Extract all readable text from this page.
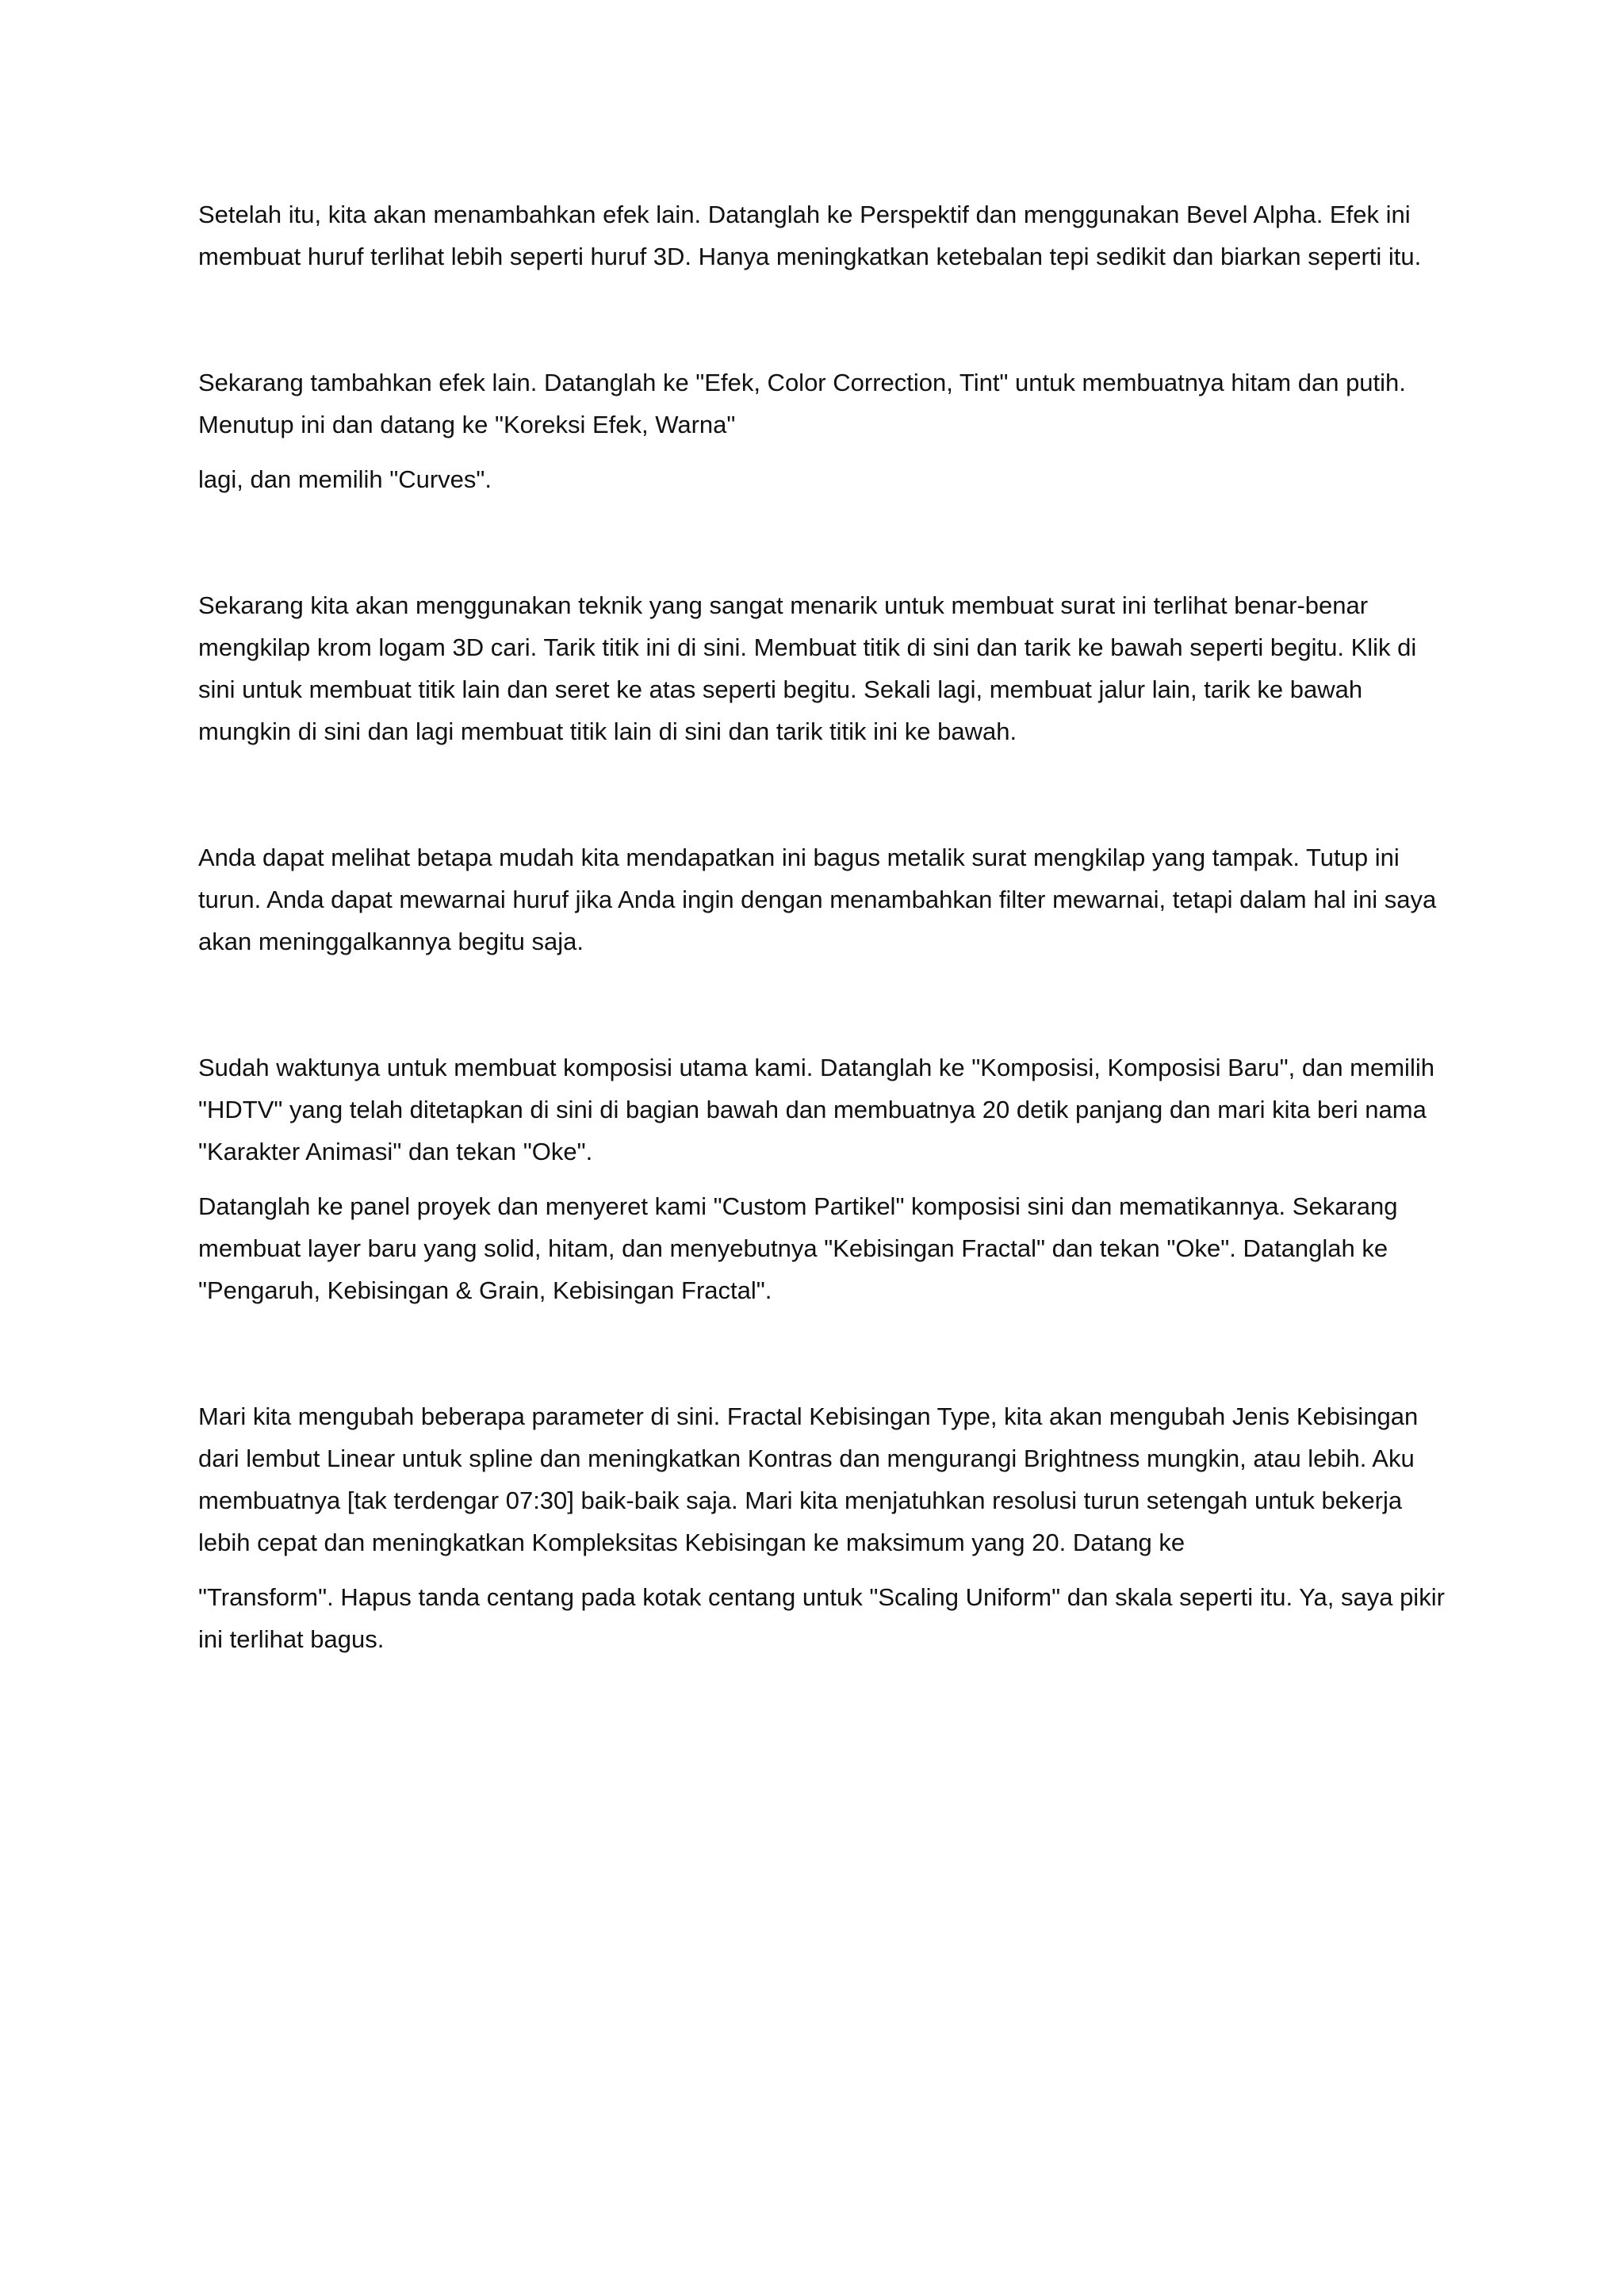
Setelah itu, kita akan menambahkan efek lain. Datanglah ke Perspektif dan menggunakan Bevel Alpha. Efek ini membuat huruf terlihat lebih seperti huruf 3D. Hanya meningkatkan ketebalan tepi sedikit dan biarkan seperti itu.

Sekarang tambahkan efek lain. Datanglah ke "Efek, Color Correction, Tint" untuk membuatnya hitam dan putih. Menutup ini dan datang ke "Koreksi Efek, Warna"

lagi, dan memilih "Curves".

Sekarang kita akan menggunakan teknik yang sangat menarik untuk membuat surat ini terlihat benar-benar mengkilap krom logam 3D cari. Tarik titik ini di sini. Membuat titik di sini dan tarik ke bawah seperti begitu. Klik di sini untuk membuat titik lain dan seret ke atas seperti begitu. Sekali lagi, membuat jalur lain, tarik ke bawah mungkin di sini dan lagi membuat titik lain di sini dan tarik titik ini ke bawah.

Anda dapat melihat betapa mudah kita mendapatkan ini bagus metalik surat mengkilap yang tampak. Tutup ini turun. Anda dapat mewarnai huruf jika Anda ingin dengan menambahkan filter mewarnai, tetapi dalam hal ini saya akan meninggalkannya begitu saja.

Sudah waktunya untuk membuat komposisi utama kami. Datanglah ke "Komposisi, Komposisi Baru", dan memilih "HDTV" yang telah ditetapkan di sini di bagian bawah dan membuatnya 20 detik panjang dan mari kita beri nama "Karakter Animasi" dan tekan "Oke".

Datanglah ke panel proyek dan menyeret kami "Custom Partikel" komposisi sini dan mematikannya. Sekarang membuat layer baru yang solid, hitam, dan menyebutnya "Kebisingan Fractal" dan tekan "Oke". Datanglah ke "Pengaruh, Kebisingan & Grain, Kebisingan Fractal".

Mari kita mengubah beberapa parameter di sini. Fractal Kebisingan Type, kita akan mengubah Jenis Kebisingan dari lembut Linear untuk spline dan meningkatkan Kontras dan mengurangi Brightness mungkin, atau lebih. Aku membuatnya [tak terdengar 07:30] baik-baik saja. Mari kita menjatuhkan resolusi turun setengah untuk bekerja lebih cepat dan meningkatkan Kompleksitas Kebisingan ke maksimum yang 20. Datang ke

"Transform". Hapus tanda centang pada kotak centang untuk "Scaling Uniform" dan skala seperti itu. Ya, saya pikir ini terlihat bagus.
